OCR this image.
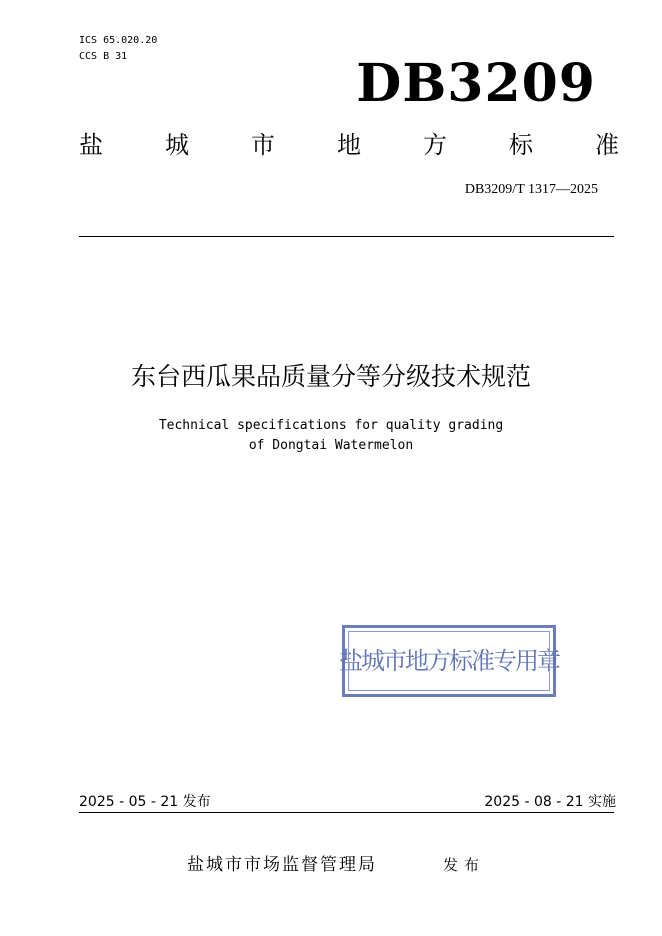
ICS 65.020.20
CCS B 31	DB3209
盐	城	市	地	方	标	准
DB3209/T 1317—2025
东台西瓜果品质量分等分级技术规范
Technical specifications for quality grading
of Dongtai Watermelon
盐城市地方标准专用章
2025 - 05 - 21 发布	2025 - 08 - 21 实施
盐城市市场监督管理局	发布
